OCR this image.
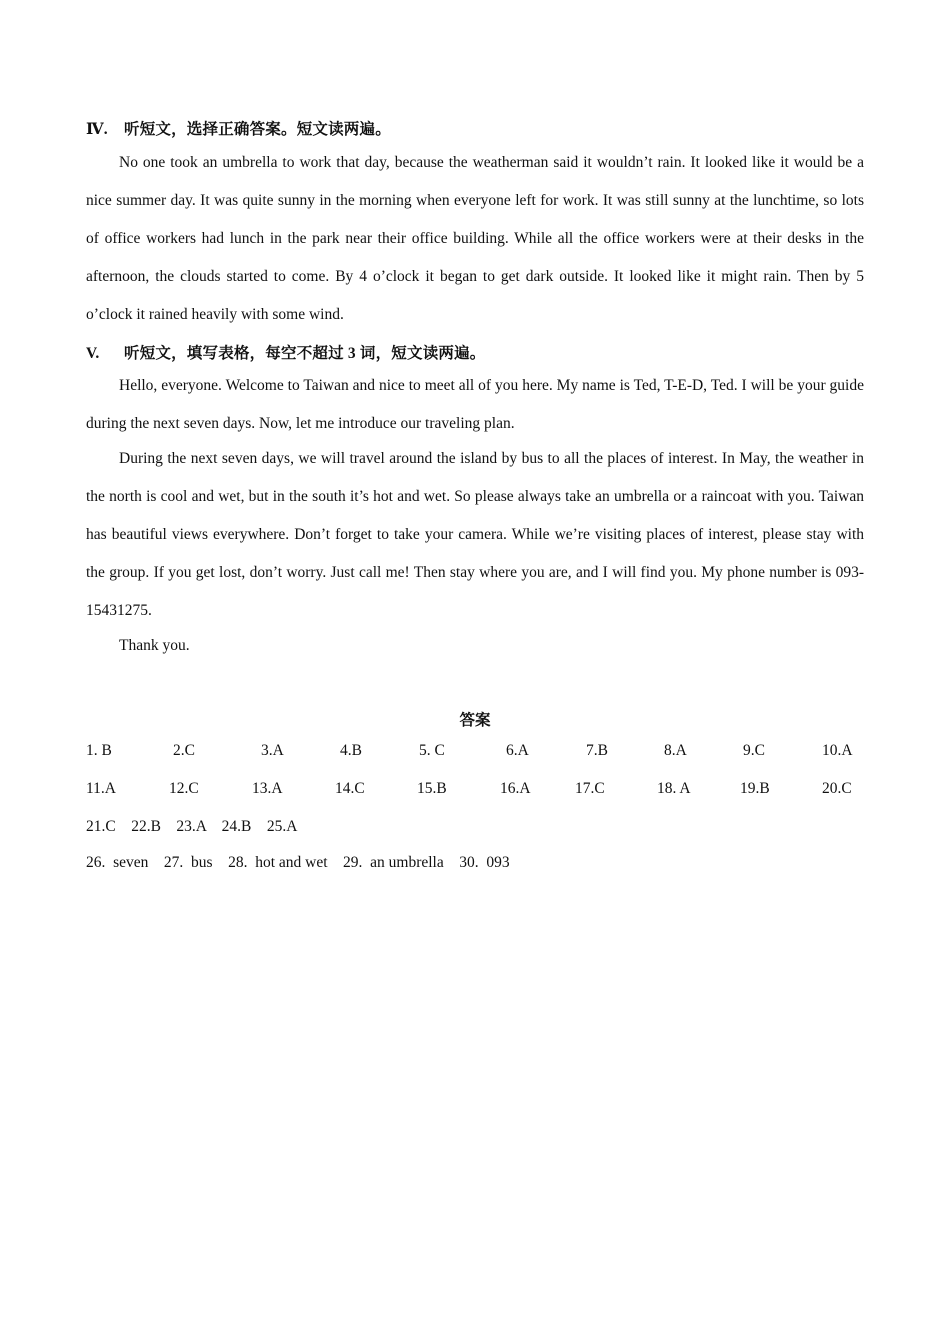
Ⅳ. 听短文，选择正确答案。短文读两遍。
No one took an umbrella to work that day, because the weatherman said it wouldn’t rain. It looked like it would be a nice summer day. It was quite sunny in the morning when everyone left for work. It was still sunny at the lunchtime, so lots of office workers had lunch in the park near their office building. While all the office workers were at their desks in the afternoon, the clouds started to come. By 4 o’clock it began to get dark outside. It looked like it might rain. Then by 5 o’clock it rained heavily with some wind.
V. 听短文，填写表格，每空不超过 3 词，短文读两遍。
Hello, everyone. Welcome to Taiwan and nice to meet all of you here. My name is Ted, T-E-D, Ted. I will be your guide during the next seven days. Now, let me introduce our traveling plan.
During the next seven days, we will travel around the island by bus to all the places of interest. In May, the weather in the north is cool and wet, but in the south it’s hot and wet. So please always take an umbrella or a raincoat with you. Taiwan has beautiful views everywhere. Don’t forget to take your camera. While we’re visiting places of interest, please stay with the group. If you get lost, don’t worry. Just call me! Then stay where you are, and I will find you. My phone number is 093-15431275.
Thank you.
答案
1. B	2.C	3.A	4.B	5. C	6.A	7.B	8.A	9.C	10.A
11.A	12.C	13.A	14.C	15.B	16.A	17.C	18. A	19.B	20.C
21.C    22.B    23.A    24.B    25.A
26.  seven    27.  bus    28.  hot and wet    29.  an umbrella    30.  093
